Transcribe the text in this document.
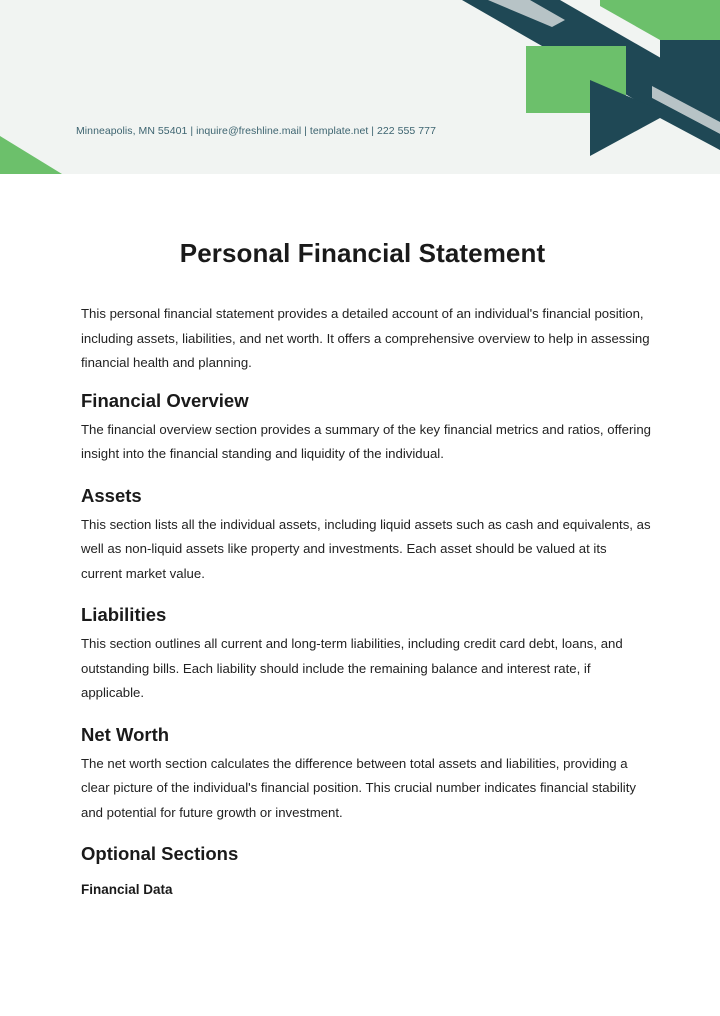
Minneapolis, MN 55401 | inquire@freshline.mail | template.net | 222 555 777
Personal Financial Statement

This personal financial statement provides a detailed account of an individual's financial position, including assets, liabilities, and net worth. It offers a comprehensive overview to help in assessing financial health and planning.

Financial Overview

The financial overview section provides a summary of the key financial metrics and ratios, offering insight into the financial standing and liquidity of the individual.

Assets

This section lists all the individual assets, including liquid assets such as cash and equivalents, as well as non-liquid assets like property and investments. Each asset should be valued at its current market value.

Liabilities

This section outlines all current and long-term liabilities, including credit card debt, loans, and outstanding bills. Each liability should include the remaining balance and interest rate, if applicable.

Net Worth

The net worth section calculates the difference between total assets and liabilities, providing a clear picture of the individual's financial position. This crucial number indicates financial stability and potential for future growth or investment.

Optional Sections
Financial Data
